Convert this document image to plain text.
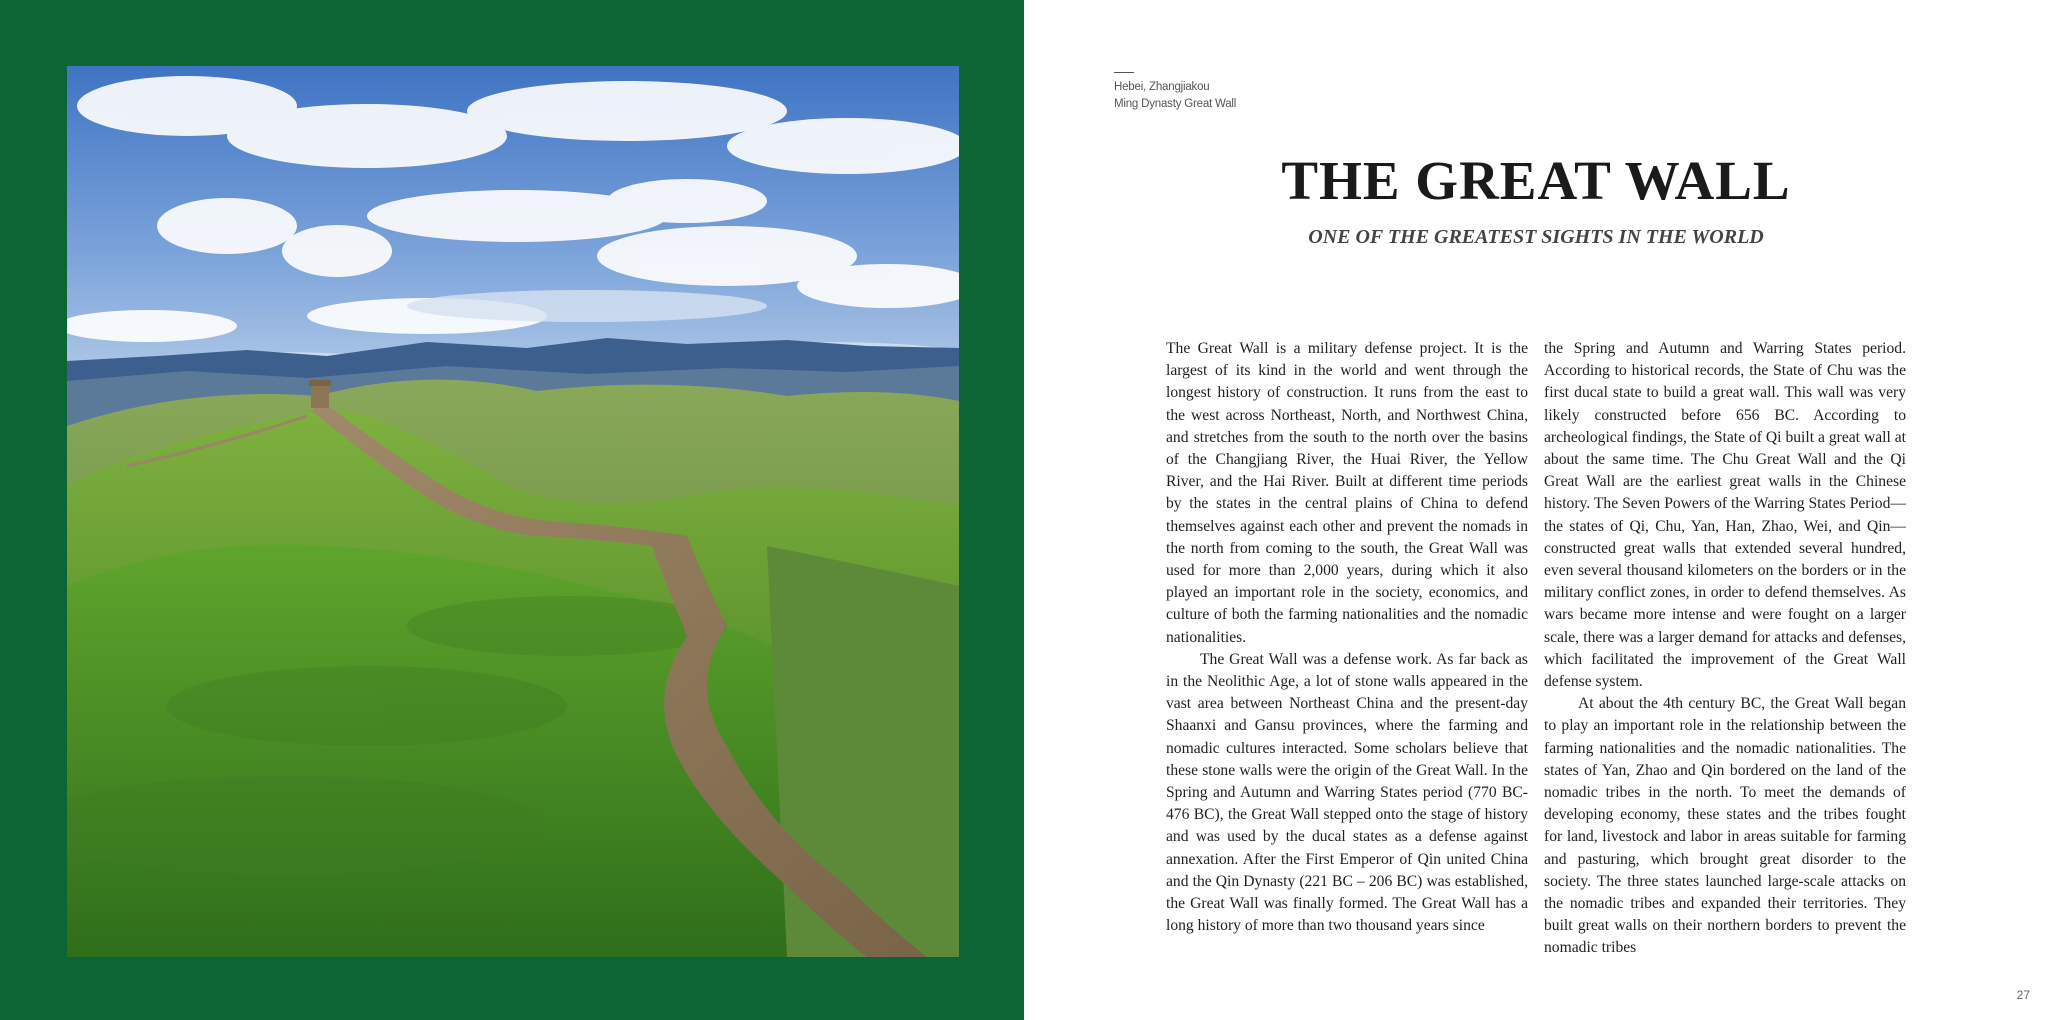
Hebei, Zhangjiakou
Ming Dynasty Great Wall
THE GREAT WALL
ONE OF THE GREATEST SIGHTS IN THE WORLD

The Great Wall is a military defense project. It is the largest of its kind in the world and went through the longest history of construction. It runs from the east to the west across Northeast, North, and Northwest China, and stretches from the south to the north over the basins of the Changjiang River, the Huai River, the Yellow River, and the Hai River. Built at different time periods by the states in the central plains of China to defend themselves against each other and prevent the nomads in the north from coming to the south, the Great Wall was used for more than 2,000 years, during which it also played an important role in the society, economics, and culture of both the farming nationalities and the nomadic nationalities.

The Great Wall was a defense work. As far back as in the Neolithic Age, a lot of stone walls appeared in the vast area between Northeast China and the present-day Shaanxi and Gansu provinces, where the farming and nomadic cultures interacted. Some scholars believe that these stone walls were the origin of the Great Wall. In the Spring and Autumn and Warring States period (770 BC-476 BC), the Great Wall stepped onto the stage of history and was used by the ducal states as a defense against annexation. After the First Emperor of Qin united China and the Qin Dynasty (221 BC – 206 BC) was established, the Great Wall was finally formed. The Great Wall has a long history of more than two thousand years since

the Spring and Autumn and Warring States period. According to historical records, the State of Chu was the first ducal state to build a great wall. This wall was very likely constructed before 656 BC. According to archeological findings, the State of Qi built a great wall at about the same time. The Chu Great Wall and the Qi Great Wall are the earliest great walls in the Chinese history. The Seven Powers of the Warring States Period—the states of Qi, Chu, Yan, Han, Zhao, Wei, and Qin—constructed great walls that extended several hundred, even several thousand kilometers on the borders or in the military conflict zones, in order to defend themselves. As wars became more intense and were fought on a larger scale, there was a larger demand for attacks and defenses, which facilitated the improvement of the Great Wall defense system.

At about the 4th century BC, the Great Wall began to play an important role in the relationship between the farming nationalities and the nomadic nationalities. The states of Yan, Zhao and Qin bordered on the land of the nomadic tribes in the north. To meet the demands of developing economy, these states and the tribes fought for land, livestock and labor in areas suitable for farming and pasturing, which brought great disorder to the society. The three states launched large-scale attacks on the nomadic tribes and expanded their territories. They built great walls on their northern borders to prevent the nomadic tribes

27
